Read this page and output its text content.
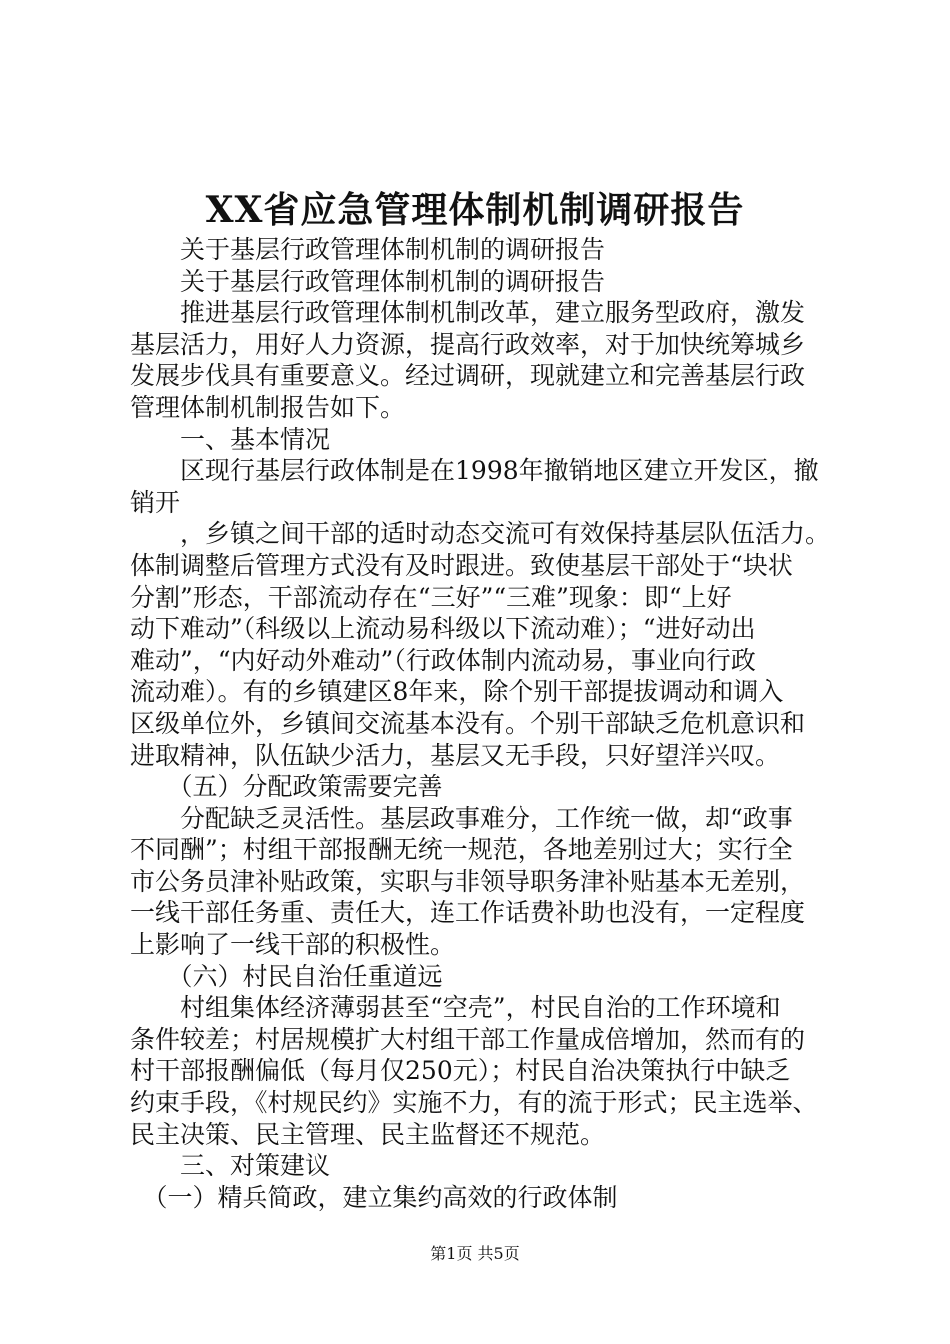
XX省应急管理体制机制调研报告
　　关于基层行政管理体制机制的调研报告
　　关于基层行政管理体制机制的调研报告
　　推进基层行政管理体制机制改革，建立服务型政府，激发
基层活力，用好人力资源，提高行政效率，对于加快统筹城乡
发展步伐具有重要意义。经过调研，现就建立和完善基层行政
管理体制机制报告如下。
　　一、基本情况
　　区现行基层行政体制是在1998年撤销地区建立开发区，撤
销开
　　，乡镇之间干部的适时动态交流可有效保持基层队伍活力。
体制调整后管理方式没有及时跟进。致使基层干部处于“块状
分割”形态，干部流动存在“三好”“三难”现象：即“上好
动下难动”（科级以上流动易科级以下流动难）；“进好动出
难动”，“内好动外难动”（行政体制内流动易，事业向行政
流动难）。有的乡镇建区8年来，除个别干部提拔调动和调入
区级单位外，乡镇间交流基本没有。个别干部缺乏危机意识和
进取精神，队伍缺少活力，基层又无手段，只好望洋兴叹。
　　（五）分配政策需要完善
　　分配缺乏灵活性。基层政事难分，工作统一做，却“政事
不同酬”；村组干部报酬无统一规范，各地差别过大；实行全
市公务员津补贴政策，实职与非领导职务津补贴基本无差别，
一线干部任务重、责任大，连工作话费补助也没有，一定程度
上影响了一线干部的积极性。
　　（六）村民自治任重道远
　　村组集体经济薄弱甚至“空壳”，村民自治的工作环境和
条件较差；村居规模扩大村组干部工作量成倍增加，然而有的
村干部报酬偏低（每月仅250元）；村民自治决策执行中缺乏
约束手段，《村规民约》实施不力，有的流于形式；民主选举、
民主决策、民主管理、民主监督还不规范。
　　三、对策建议
　（一）精兵简政，建立集约高效的行政体制
第1页 共5页
